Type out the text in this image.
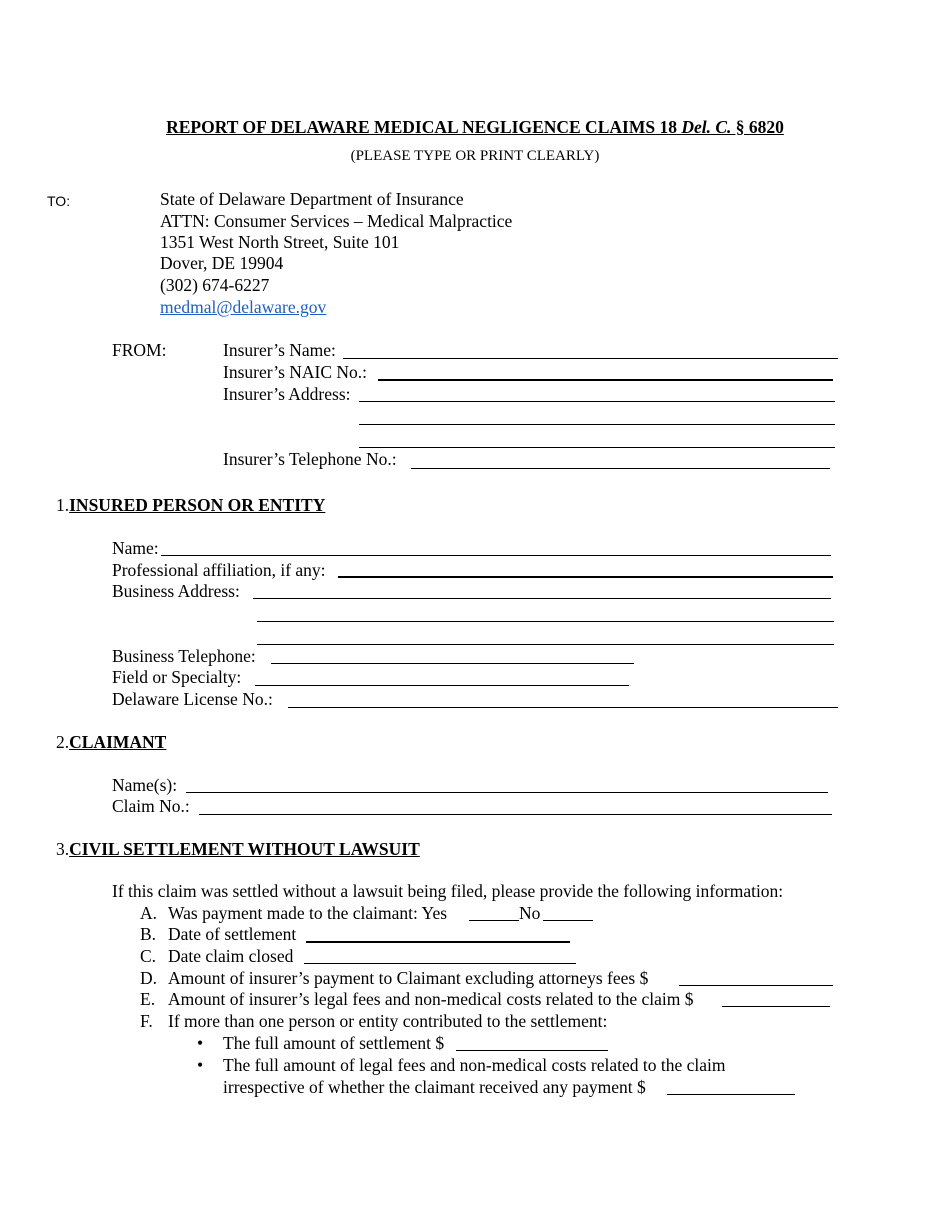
REPORT OF DELAWARE MEDICAL NEGLIGENCE CLAIMS 18 Del. C. § 6820
(PLEASE TYPE OR PRINT CLEARLY)
TO:	State of Delaware Department of Insurance
ATTN: Consumer Services – Medical Malpractice
1351 West North Street, Suite 101
Dover, DE 19904
(302) 674-6227
medmal@delaware.gov
FROM:	Insurer’s Name:
Insurer’s NAIC No.:
Insurer’s Address:
Insurer’s Telephone No.:
1.INSURED PERSON OR ENTITY
Name:
Professional affiliation, if any:
Business Address:
Business Telephone:
Field or Specialty:
Delaware License No.:
2.CLAIMANT
Name(s):
Claim No.:
3.CIVIL SETTLEMENT WITHOUT LAWSUIT
If this claim was settled without a lawsuit being filed, please provide the following information:
A. Was payment made to the claimant: Yes	No
B. Date of settlement
C. Date claim closed
D. Amount of insurer’s payment to Claimant excluding attorneys fees $
E. Amount of insurer’s legal fees and non-medical costs related to the claim $
F. If more than one person or entity contributed to the settlement:
• The full amount of settlement $
• The full amount of legal fees and non-medical costs related to the claim
irrespective of whether the claimant received any payment $
